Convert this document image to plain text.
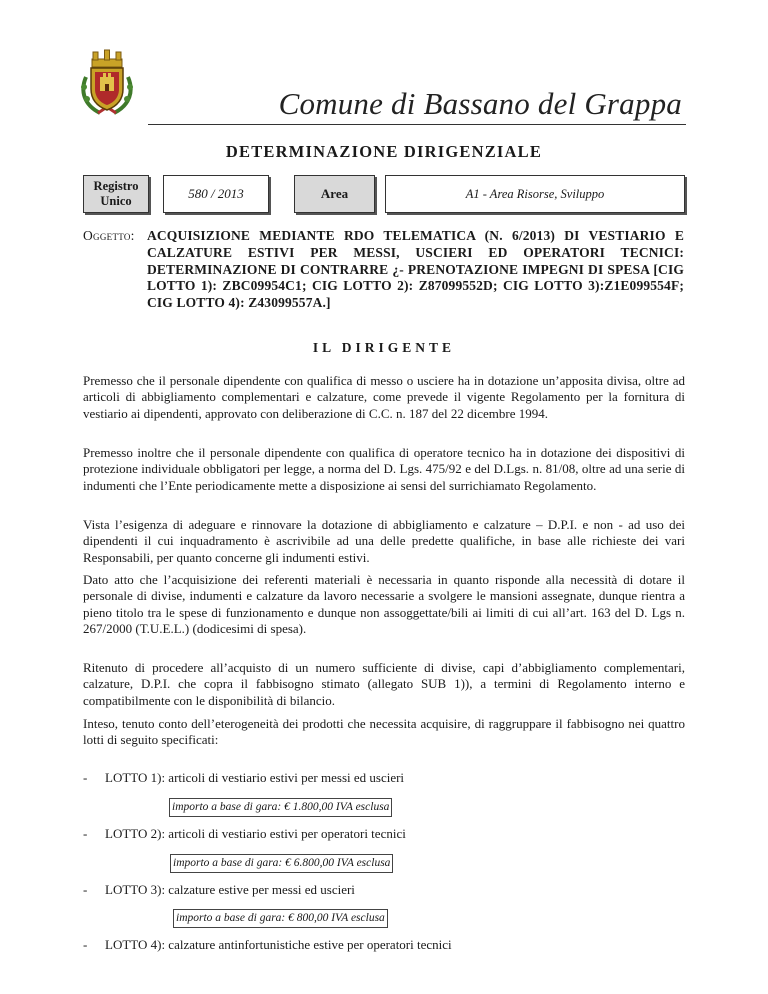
Comune di Bassano del Grappa
DETERMINAZIONE DIRIGENZIALE
Registro
Unico	580 / 2013	Area	A1 - Area Risorse, Sviluppo
Oggetto: ACQUISIZIONE MEDIANTE RDO TELEMATICA (N. 6/2013) DI VESTIARIO E CALZATURE ESTIVI PER MESSI, USCIERI ED OPERATORI TECNICI: DETERMINAZIONE DI CONTRARRE ¿- PRENOTAZIONE IMPEGNI DI SPESA [CIG LOTTO 1): ZBC09954C1; CIG LOTTO 2): Z87099552D; CIG LOTTO 3):Z1E099554F; CIG LOTTO 4): Z43099557A.]
IL DIRIGENTE
Premesso che il personale dipendente con qualifica di messo o usciere ha in dotazione un’apposita divisa, oltre ad articoli di abbigliamento complementari e calzature, come prevede il vigente Regolamento per la fornitura di vestiario ai dipendenti, approvato con deliberazione di C.C. n. 187 del 22 dicembre 1994.
Premesso inoltre che il personale dipendente con qualifica di operatore tecnico ha in dotazione dei dispositivi di protezione individuale obbligatori per legge, a norma del D. Lgs. 475/92 e del D.Lgs. n. 81/08, oltre ad una serie di indumenti che l’Ente periodicamente mette a disposizione ai sensi del surrichiamato Regolamento.
Vista l’esigenza di adeguare e rinnovare la dotazione di abbigliamento e calzature – D.P.I. e non - ad uso dei dipendenti il cui inquadramento è ascrivibile ad una delle predette qualifiche, in base alle richieste dei vari Responsabili, per quanto concerne gli indumenti estivi.
Dato atto che l’acquisizione dei referenti materiali è necessaria in quanto risponde alla necessità di dotare il personale di divise, indumenti e calzature da lavoro necessarie a svolgere le mansioni assegnate, dunque rientra a pieno titolo tra le spese di funzionamento e dunque non assoggettate/bili ai limiti di cui all’art. 163 del D. Lgs n. 267/2000 (T.U.E.L.) (dodicesimi di spesa).
Ritenuto di procedere all’acquisto di un numero sufficiente di divise, capi d’abbigliamento complementari, calzature, D.P.I. che copra il fabbisogno stimato (allegato SUB 1)), a termini di Regolamento interno e compatibilmente con le disponibilità di bilancio.
Inteso, tenuto conto dell’eterogeneità dei prodotti che necessita acquisire, di raggruppare il fabbisogno nei quattro lotti di seguito specificati:
- LOTTO 1): articoli di vestiario estivi per messi ed uscieri
importo a base di gara: € 1.800,00 IVA esclusa
- LOTTO 2): articoli di vestiario estivi per operatori tecnici
importo a base di gara: € 6.800,00 IVA esclusa
- LOTTO 3): calzature estive per messi ed uscieri
importo a base di gara: € 800,00 IVA esclusa
- LOTTO 4): calzature antinfortunistiche estive per operatori tecnici
